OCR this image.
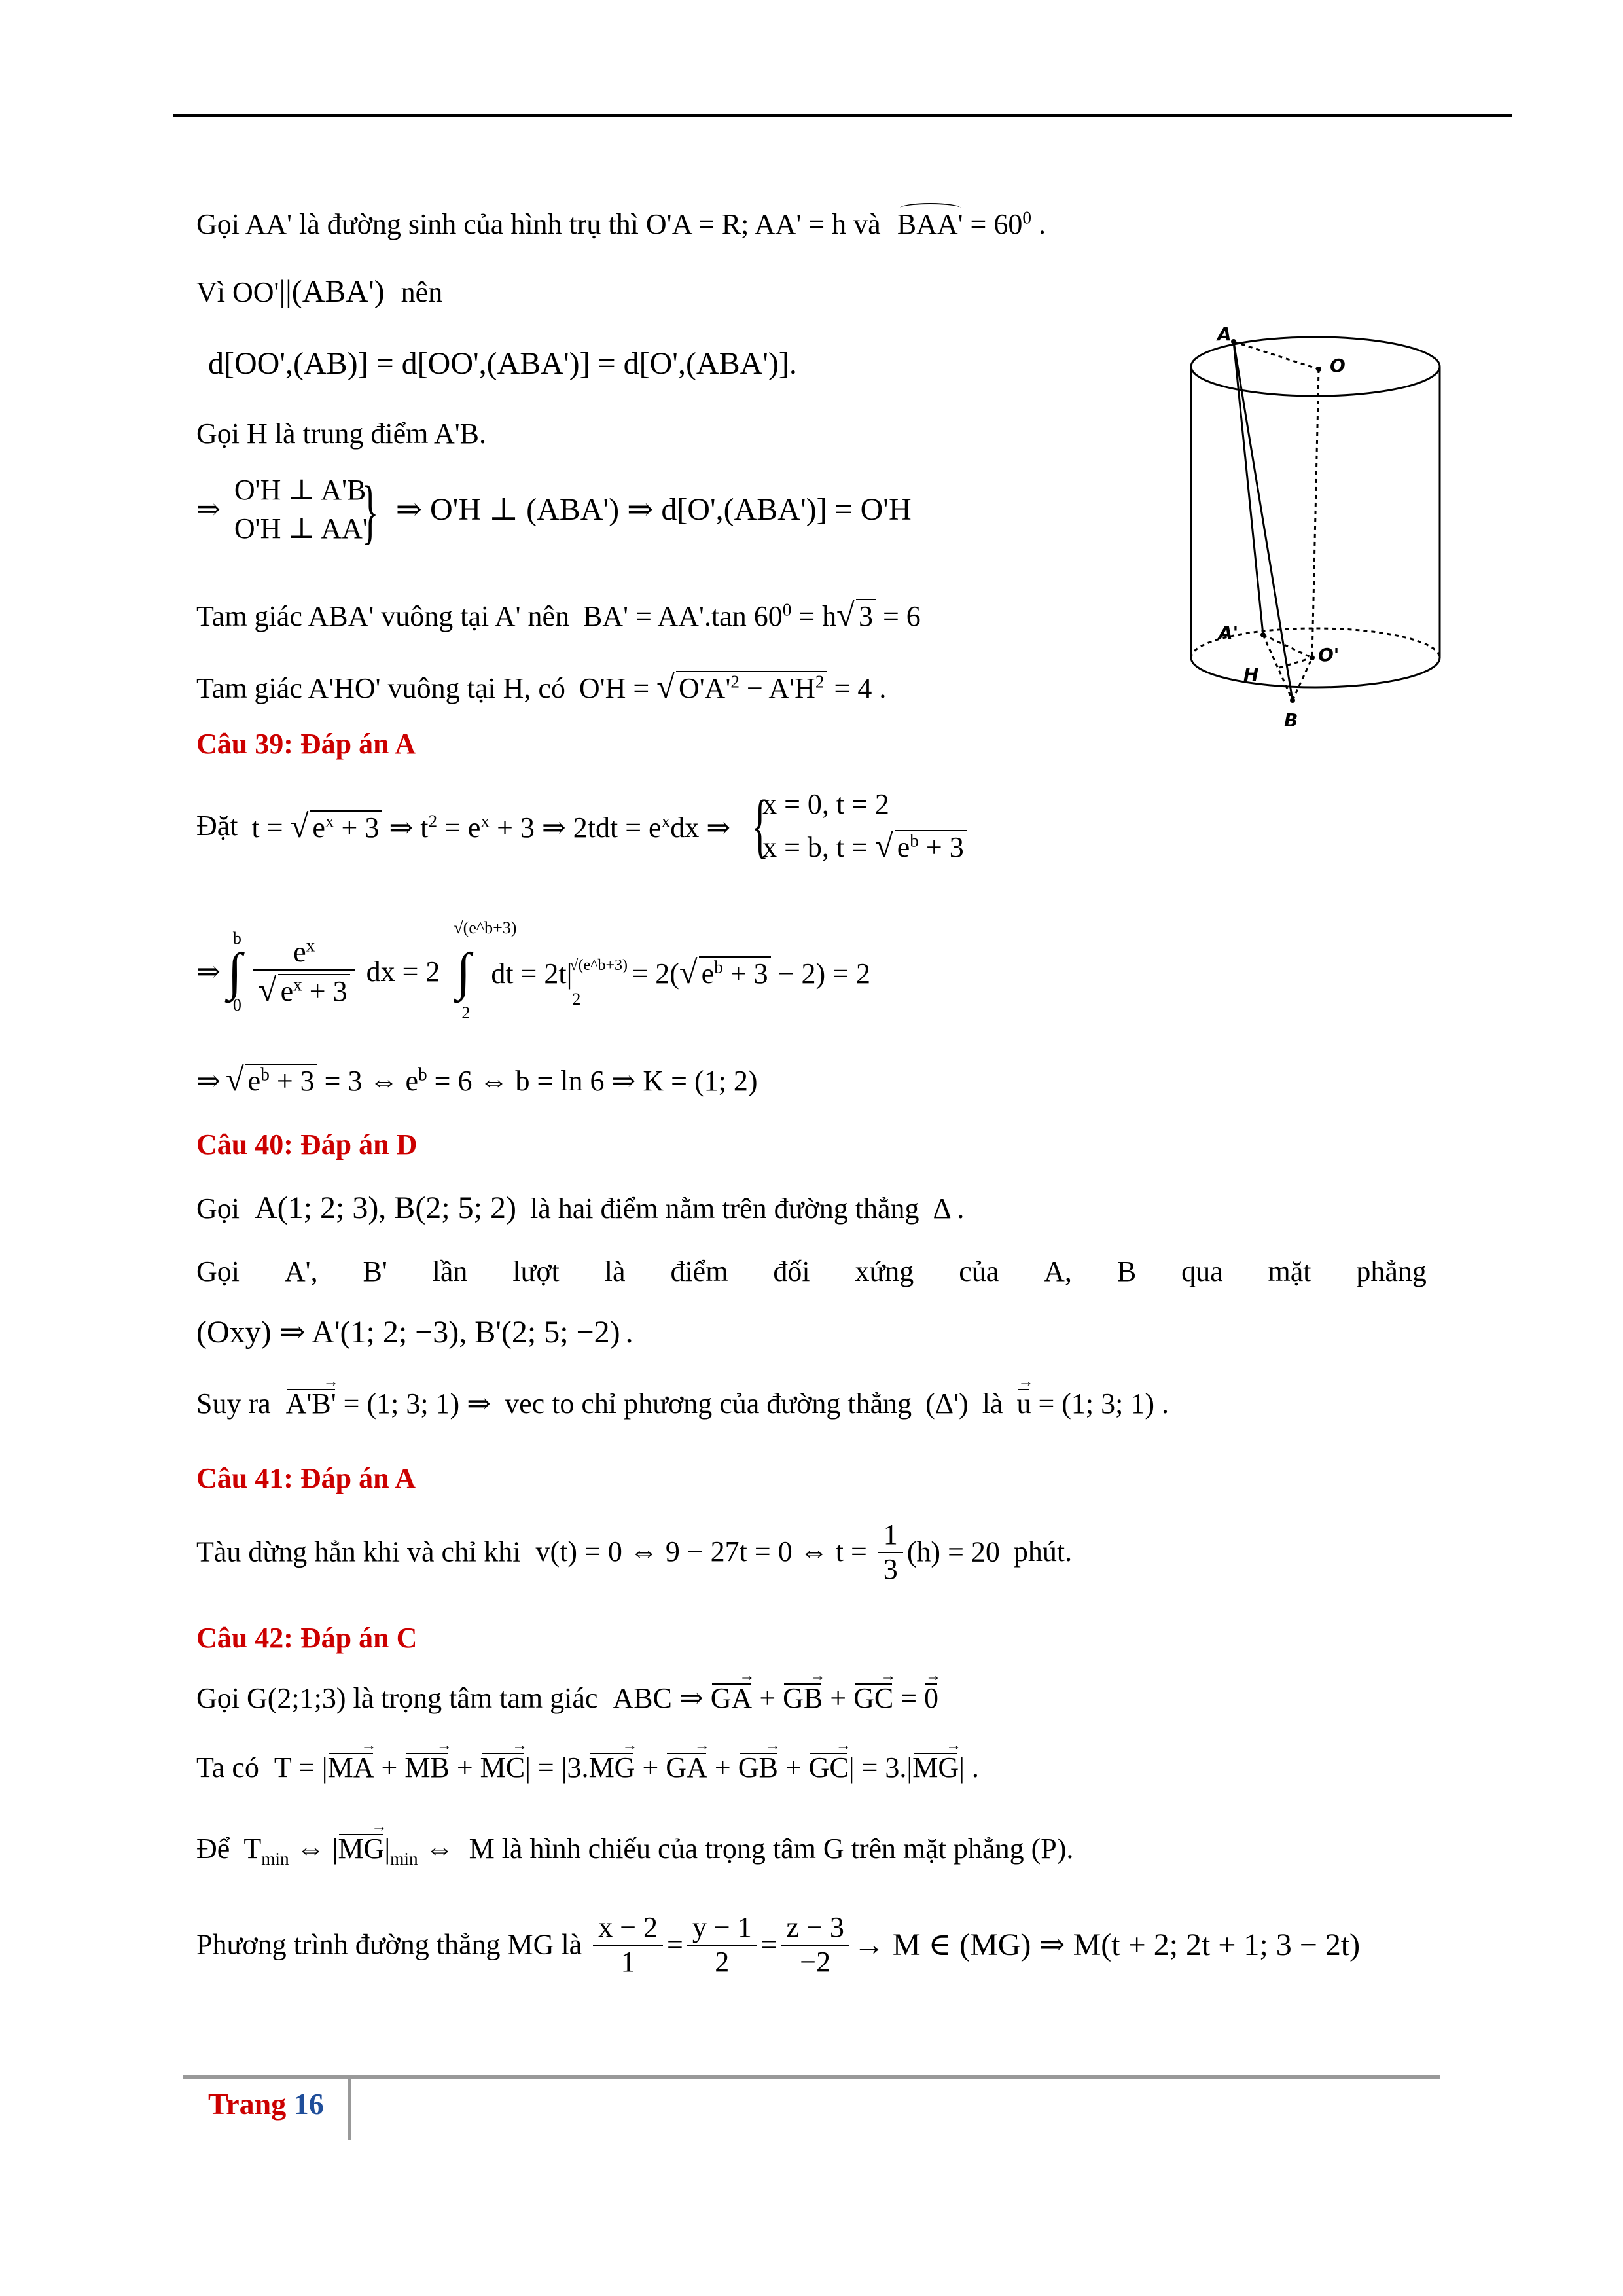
Gọi AA' là đường sinh của hình trụ thì O'A = R; AA' = h và $BAA' = 60^0$ .
Vì OO'||(ABA') nên
d[OO',(AB)] = d[OO',(ABA')] = d[O',(ABA')].
Gọi H là trung điểm A'B.
⇒
O'H ⊥ A'B
O'H ⊥ AA'
} ⇒ O'H ⊥ (ABA') ⇒ d[O',(ABA')] = O'H
Tam giác ABA' vuông tại A' nên BA' = AA'.tan $60^0 = h√$ 3 = 6
Tam giác A'HO' vuông tại H, có O'H = √ $O'A'^2 - A'H^2 = 4$ .
Câu 39: Đáp án A
Đặt t = √ $e^x + 3$ ⇒ $t^2 = e^x + 3$ ⇒ $2tdt = e^xdx$ ⇒
{ x = 0, t = 2
x = b, t = √ $e^b + 3$
⇒ ∫
b
0
$\frac{e^x}{√ e^x + 3}$ dx = 2 ∫
√(e^b+3)
2
dt = 2t|
√(e^b+3)
2
= 2(√ $e^b + 3 - 2) = 2$
⇒ √ $e^b + 3 = 3$ ⇔ $e^b = 6$ ⇔ b = ln 6 ⇒ K = (1; 2)
Câu 40: Đáp án D
Gọi A(1; 2; 3), B(2; 5; 2) là hai điểm nằm trên đường thẳng Δ .
Gọi A', B' lần lượt là điểm đối xứng của A, B qua mặt phẳng
(Oxy) ⇒ A'(1; 2; −3), B'(2; 5; −2) .
Suy ra A'B' → = (1; 3; 1) ⇒ vec to chỉ phương của đường thẳng (Δ') là u → = (1; 3; 1) .
Câu 41: Đáp án A
Tàu dừng hẳn khi và chỉ khi v(t) = 0 ⇔ 9 − 27t = 0 ⇔ $t = \frac{1}{3} (h) = 20$ phút.
Câu 42: Đáp án C
Gọi G(2;1;3) là trọng tâm tam giác ABC ⇒ GA → + GB → + GC → = 0 →
Ta có T = |MA → + MB → + MC →| = |3.MG → + GA → + GB → + GC →| = 3.|MG →| .
Để $T_{min}$ ⇔ $|MG \to|_{min}$ ⇔ M là hình chiếu của trọng tâm G trên mặt phẳng (P).
Phương trình đường thẳng MG là $\frac{x - 2}{1} = \frac{y - 1}{2} = \frac{z - 3}{-2} \to M$ ∈ (MG) ⇒ M(t + 2; 2t + 1; 3 − 2t)
A
O
A'
H
O'
B
Trang 16
